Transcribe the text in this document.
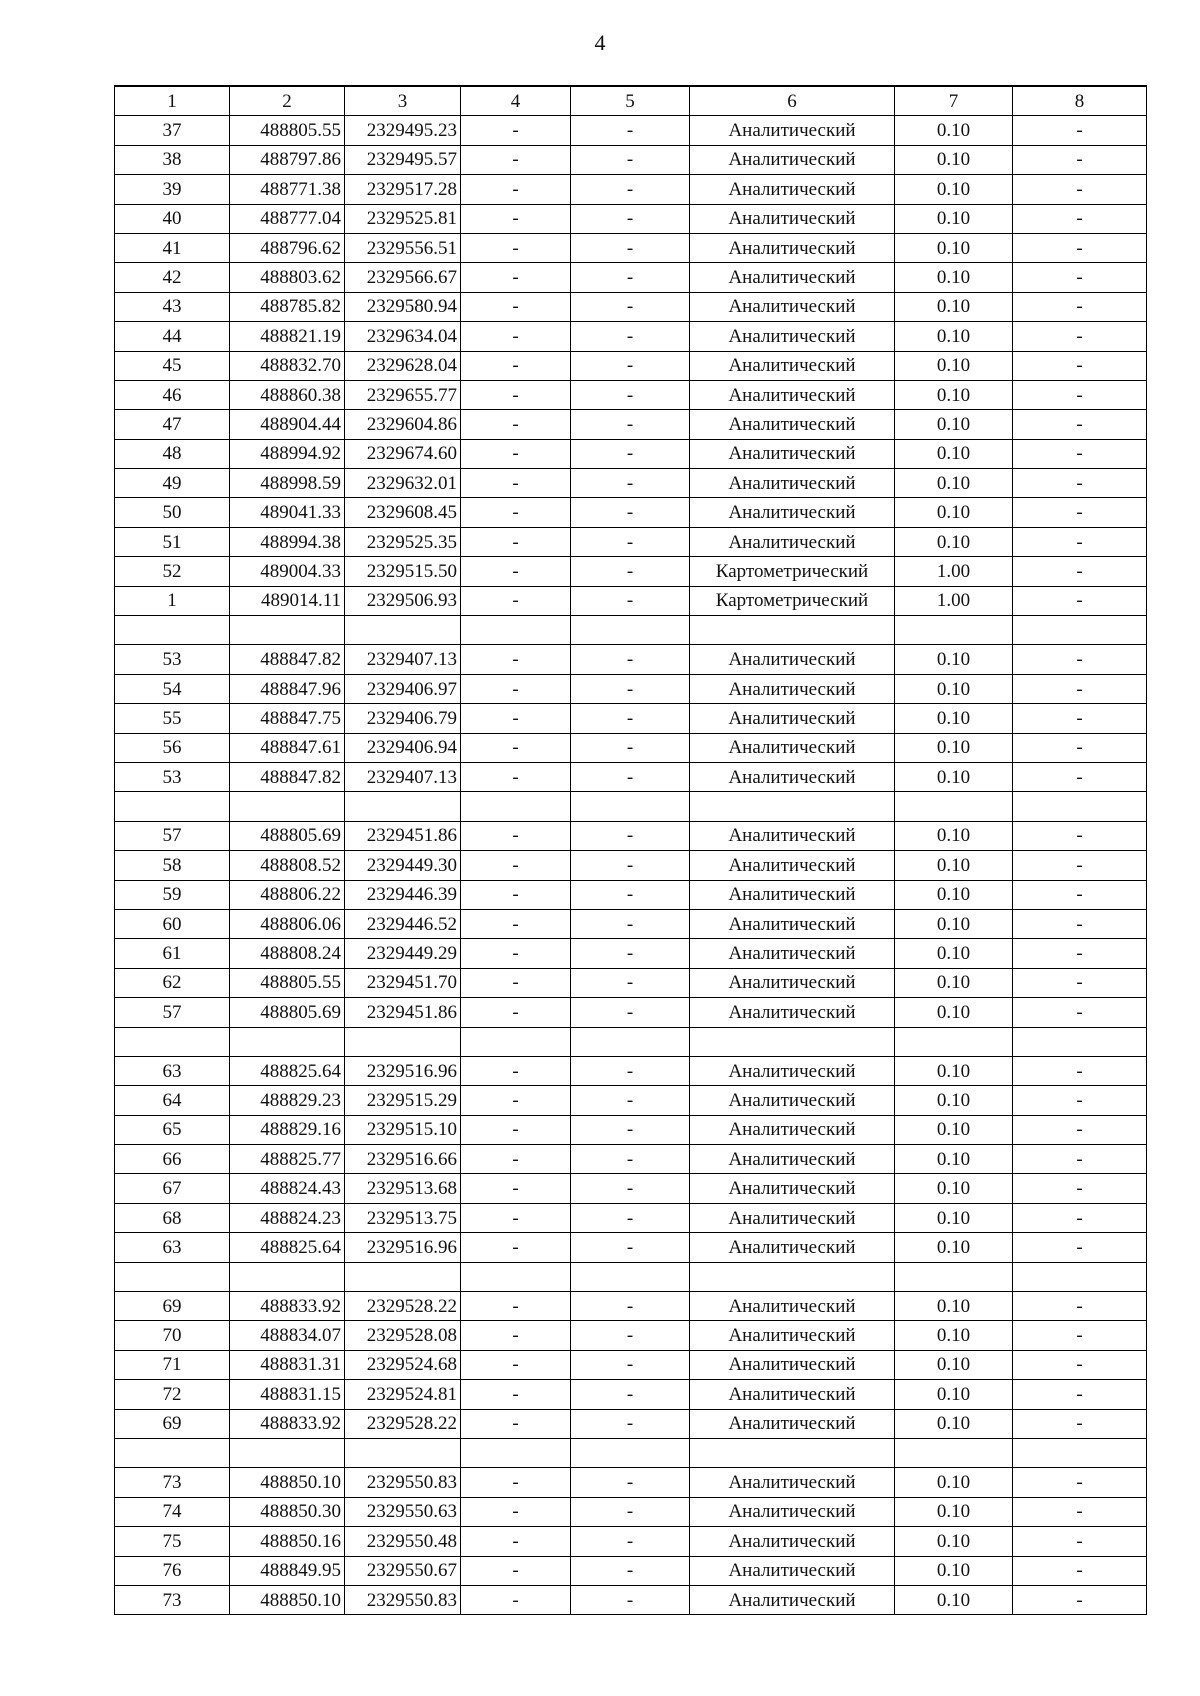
4
1	2	3	4	5	6	7	8
37	488805.55	2329495.23	-	-	Аналитический	0.10	-
38	488797.86	2329495.57	-	-	Аналитический	0.10	-
39	488771.38	2329517.28	-	-	Аналитический	0.10	-
40	488777.04	2329525.81	-	-	Аналитический	0.10	-
41	488796.62	2329556.51	-	-	Аналитический	0.10	-
42	488803.62	2329566.67	-	-	Аналитический	0.10	-
43	488785.82	2329580.94	-	-	Аналитический	0.10	-
44	488821.19	2329634.04	-	-	Аналитический	0.10	-
45	488832.70	2329628.04	-	-	Аналитический	0.10	-
46	488860.38	2329655.77	-	-	Аналитический	0.10	-
47	488904.44	2329604.86	-	-	Аналитический	0.10	-
48	488994.92	2329674.60	-	-	Аналитический	0.10	-
49	488998.59	2329632.01	-	-	Аналитический	0.10	-
50	489041.33	2329608.45	-	-	Аналитический	0.10	-
51	488994.38	2329525.35	-	-	Аналитический	0.10	-
52	489004.33	2329515.50	-	-	Картометрический	1.00	-
1	489014.11	2329506.93	-	-	Картометрический	1.00	-

53	488847.82	2329407.13	-	-	Аналитический	0.10	-
54	488847.96	2329406.97	-	-	Аналитический	0.10	-
55	488847.75	2329406.79	-	-	Аналитический	0.10	-
56	488847.61	2329406.94	-	-	Аналитический	0.10	-
53	488847.82	2329407.13	-	-	Аналитический	0.10	-

57	488805.69	2329451.86	-	-	Аналитический	0.10	-
58	488808.52	2329449.30	-	-	Аналитический	0.10	-
59	488806.22	2329446.39	-	-	Аналитический	0.10	-
60	488806.06	2329446.52	-	-	Аналитический	0.10	-
61	488808.24	2329449.29	-	-	Аналитический	0.10	-
62	488805.55	2329451.70	-	-	Аналитический	0.10	-
57	488805.69	2329451.86	-	-	Аналитический	0.10	-

63	488825.64	2329516.96	-	-	Аналитический	0.10	-
64	488829.23	2329515.29	-	-	Аналитический	0.10	-
65	488829.16	2329515.10	-	-	Аналитический	0.10	-
66	488825.77	2329516.66	-	-	Аналитический	0.10	-
67	488824.43	2329513.68	-	-	Аналитический	0.10	-
68	488824.23	2329513.75	-	-	Аналитический	0.10	-
63	488825.64	2329516.96	-	-	Аналитический	0.10	-

69	488833.92	2329528.22	-	-	Аналитический	0.10	-
70	488834.07	2329528.08	-	-	Аналитический	0.10	-
71	488831.31	2329524.68	-	-	Аналитический	0.10	-
72	488831.15	2329524.81	-	-	Аналитический	0.10	-
69	488833.92	2329528.22	-	-	Аналитический	0.10	-

73	488850.10	2329550.83	-	-	Аналитический	0.10	-
74	488850.30	2329550.63	-	-	Аналитический	0.10	-
75	488850.16	2329550.48	-	-	Аналитический	0.10	-
76	488849.95	2329550.67	-	-	Аналитический	0.10	-
73	488850.10	2329550.83	-	-	Аналитический	0.10	-
